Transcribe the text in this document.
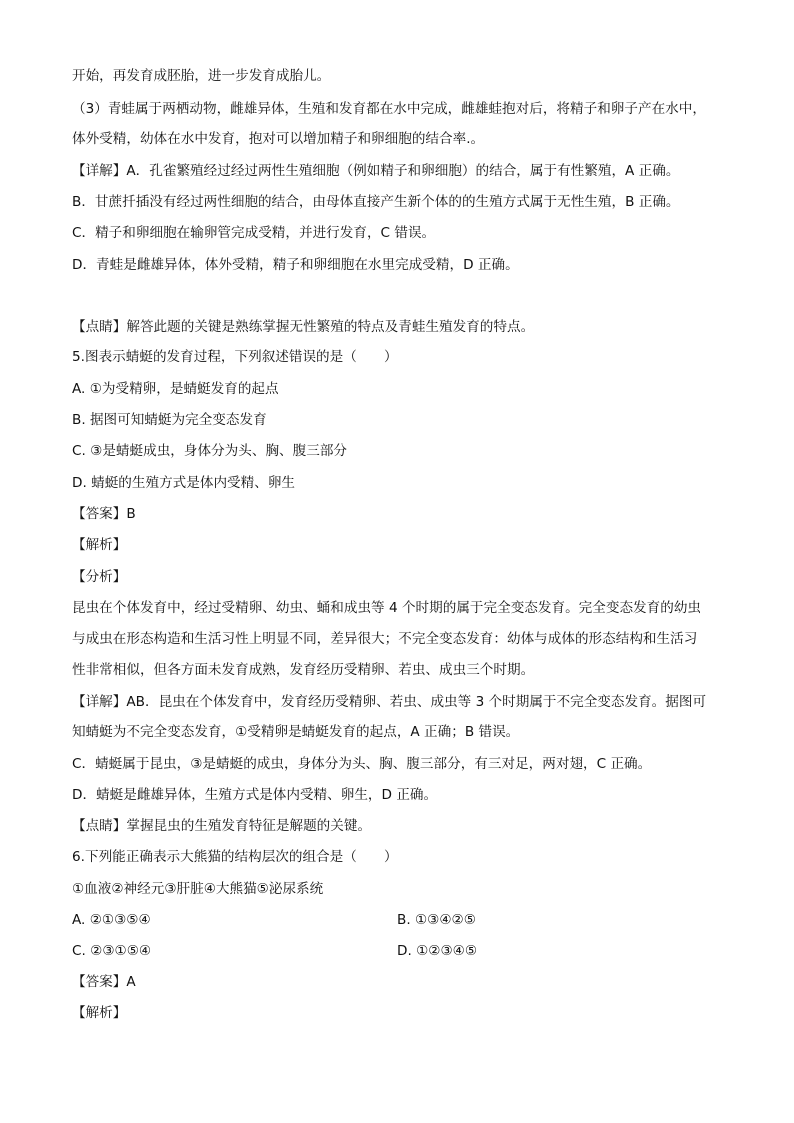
开始，再发育成胚胎，进一步发育成胎儿。
（3）青蛙属于两栖动物，雌雄异体，生殖和发育都在水中完成，雌雄蛙抱对后，将精子和卵子产在水中，
体外受精，幼体在水中发育，抱对可以增加精子和卵细胞的结合率.。
【详解】A．孔雀繁殖经过经过两性生殖细胞（例如精子和卵细胞）的结合，属于有性繁殖，A 正确。
B．甘蔗扦插没有经过两性细胞的结合，由母体直接产生新个体的的生殖方式属于无性生殖，B 正确。
C．精子和卵细胞在输卵管完成受精，并进行发育，C 错误。
D．青蛙是雌雄异体，体外受精，精子和卵细胞在水里完成受精，D 正确。
【点睛】解答此题的关键是熟练掌握无性繁殖的特点及青蛙生殖发育的特点。
5.图表示蜻蜓的发育过程，下列叙述错误的是（　　）
A. ①为受精卵，是蜻蜓发育的起点
B. 据图可知蜻蜓为完全变态发育
C. ③是蜻蜓成虫，身体分为头、胸、腹三部分
D. 蜻蜓的生殖方式是体内受精、卵生
【答案】B
【解析】
【分析】
昆虫在个体发育中，经过受精卵、幼虫、蛹和成虫等 4 个时期的属于完全变态发育。完全变态发育的幼虫
与成虫在形态构造和生活习性上明显不同，差异很大；不完全变态发育：幼体与成体的形态结构和生活习
性非常相似，但各方面未发育成熟，发育经历受精卵、若虫、成虫三个时期。
【详解】AB．昆虫在个体发育中，发育经历受精卵、若虫、成虫等 3 个时期属于不完全变态发育。据图可
知蜻蜓为不完全变态发育，①受精卵是蜻蜓发育的起点，A 正确；B 错误。
C．蜻蜓属于昆虫，③是蜻蜓的成虫，身体分为头、胸、腹三部分，有三对足，两对翅，C 正确。
D．蜻蜓是雌雄异体，生殖方式是体内受精、卵生，D 正确。
【点睛】掌握昆虫的生殖发育特征是解题的关键。
6.下列能正确表示大熊猫的结构层次的组合是（　　）
①血液②神经元③肝脏④大熊猫⑤泌尿系统
A. ②①③⑤④	B. ①③④②⑤
C. ②③①⑤④	D. ①②③④⑤
【答案】A
【解析】
